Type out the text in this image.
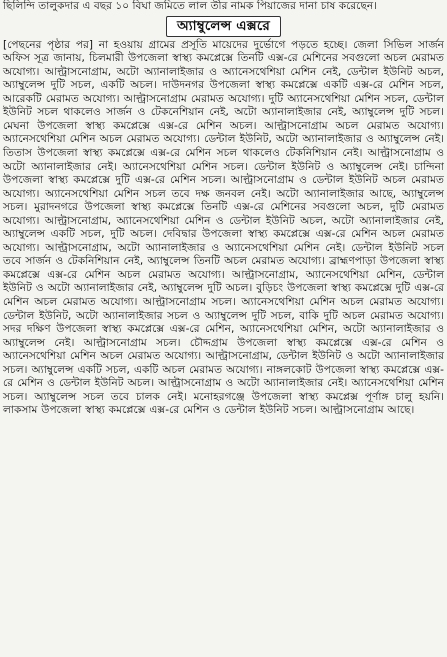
ছিলিন্দি তালুকদার এ বছর ১০ বিঘা জমিতে লাল তীর নামক পিঁয়াজের দানা চাষ করেছেন।

অ্যাম্বুলেন্স এক্সরে

[পেছনের পৃষ্ঠার পর] না হওয়ায় গ্রামের প্রসূতি মায়েদের দুর্ভোগে পড়তে হচ্ছে। জেলা সিভিল সার্জন অফিস সূত্র জানায়, চিলমারী উপজেলা স্বাস্থ্য কমপ্লেক্সে তিনটি এক্স-রে মেশিনের সবগুলো অচল মেরামত অযোগ্য। আল্ট্রাসনোগ্রাম, অটো অ্যানালাইজার ও অ্যানেসথেশিয়া মেশিন নেই, ডেন্টাল ইউনিট অচল, অ্যাম্বুলেন্স দুটি সচল, একটি অচল। দাউদনগর উপজেলা স্বাস্থ্য কমপ্লেক্সে একটি এক্স-রে মেশিন সচল, আরেকটি মেরামত অযোগ্য। আল্ট্রাসনোগ্রাম মেরামত অযোগ্য। দুটি অ্যানেসথেশিয়া মেশিন সচল, ডেন্টাল ইউনিট সচল থাকলেও সার্জন ও টেকনেশিয়ান নেই, অটো অ্যানালাইজার নেই, অ্যাম্বুলেন্স দুটি সচল। মেঘনা উপজেলা স্বাস্থ্য কমপ্লেক্সে এক্স-রে মেশিন অচল। আল্ট্রাসনোগ্রাম অচল মেরামত অযোগ্য। অ্যানেসথেশিয়া মেশিন অচল মেরামত অযোগ্য। ডেন্টাল ইউনিট, অটো অ্যানালাইজার ও অ্যাম্বুলেন্স নেই। তিতাস উপজেলা স্বাস্থ্য কমপ্লেক্সে এক্স-রে মেশিন সচল থাকলেও টেকনিশিয়ান নেই। আল্ট্রাসনোগ্রাম ও অটো অ্যানালাইজার নেই। অ্যানেসথেশিয়া মেশিন সচল। ডেন্টাল ইউনিট ও অ্যাম্বুলেন্স নেই। চান্দিনা উপজেলা স্বাস্থ্য কমপ্লেক্সে দুটি এক্স-রে মেশিন সচল। আল্ট্রাসনোগ্রাম ও ডেন্টাল ইউনিট অচল মেরামত অযোগ্য। অ্যানেসথেশিয়া মেশিন সচল তবে দক্ষ জনবল নেই। অটো অ্যানালাইজার আছে, অ্যাম্বুলেন্স সচল। মুরাদনগরে উপজেলা স্বাস্থ্য কমপ্লেক্সে তিনটি এক্স-রে মেশিনের সবগুলো অচল, দুটি মেরামত অযোগ্য। আল্ট্রাসনোগ্রাম, অ্যানেসথেশিয়া মেশিন ও ডেন্টাল ইউনিট অচল, অটো অ্যানালাইজার নেই, অ্যাম্বুলেন্স একটি সচল, দুটি অচল। দেবিদ্বার উপজেলা স্বাস্থ্য কমপ্লেক্সে এক্স-রে মেশিন অচল মেরামত অযোগ্য। আল্ট্রাসনোগ্রাম, অটো অ্যানালাইজার ও অ্যানেসথেশিয়া মেশিন নেই। ডেন্টাল ইউনিট সচল তবে সার্জন ও টেকনিশিয়ান নেই, অ্যাম্বুলেন্স তিনটি অচল মেরামত অযোগ্য। ব্রাহ্মণপাড়া উপজেলা স্বাস্থ্য কমপ্লেক্সে এক্স-রে মেশিন অচল মেরামত অযোগ্য। আল্ট্রাসনোগ্রাম, অ্যানেসথেশিয়া মেশিন, ডেন্টাল ইউনিট ও অটো অ্যানালাইজার নেই, অ্যাম্বুলেন্স দুটি অচল। বুড়িচং উপজেলা স্বাস্থ্য কমপ্লেক্সে দুটি এক্স-রে মেশিন অচল মেরামত অযোগ্য। আল্ট্রাসনোগ্রাম সচল। অ্যানেসথেশিয়া মেশিন অচল মেরামত অযোগ্য। ডেন্টাল ইউনিট, অটো অ্যানালাইজার সচল ও অ্যাম্বুলেন্স দুটি সচল, বাকি দুটি অচল মেরামত অযোগ্য। সদর দক্ষিণ উপজেলা স্বাস্থ্য কমপ্লেক্সে এক্স-রে মেশিন, অ্যানেসথেশিয়া মেশিন, অটো অ্যানালাইজার ও অ্যাম্বুলেন্স নেই। আল্ট্রাসনোগ্রাম সচল। চৌদ্দগ্রাম উপজেলা স্বাস্থ্য কমপ্লেক্সে এক্স-রে মেশিন ও অ্যানেসথেশিয়া মেশিন অচল মেরামত অযোগ্য। আল্ট্রাসনোগ্রাম, ডেন্টাল ইউনিট ও অটো অ্যানালাইজার সচল। অ্যাম্বুলেন্স একটি সচল, একটি অচল মেরামত অযোগ্য। নাঙ্গলকোট উপজেলা স্বাস্থ্য কমপ্লেক্সে এক্স-রে মেশিন ও ডেন্টাল ইউনিট অচল। আল্ট্রাসনোগ্রাম ও অটো অ্যানালাইজার নেই। অ্যানেসথেশিয়া মেশিন সচল। অ্যাম্বুলেন্স সচল তবে চালক নেই। মনোহরগঞ্জে উপজেলা স্বাস্থ্য কমপ্লেক্স পূর্ণাঙ্গ চালু হয়নি। লাকসাম উপজেলা স্বাস্থ্য কমপ্লেক্সে এক্স-রে মেশিন ও ডেন্টাল ইউনিট সচল। আল্ট্রাসনোগ্রাম আছে।
